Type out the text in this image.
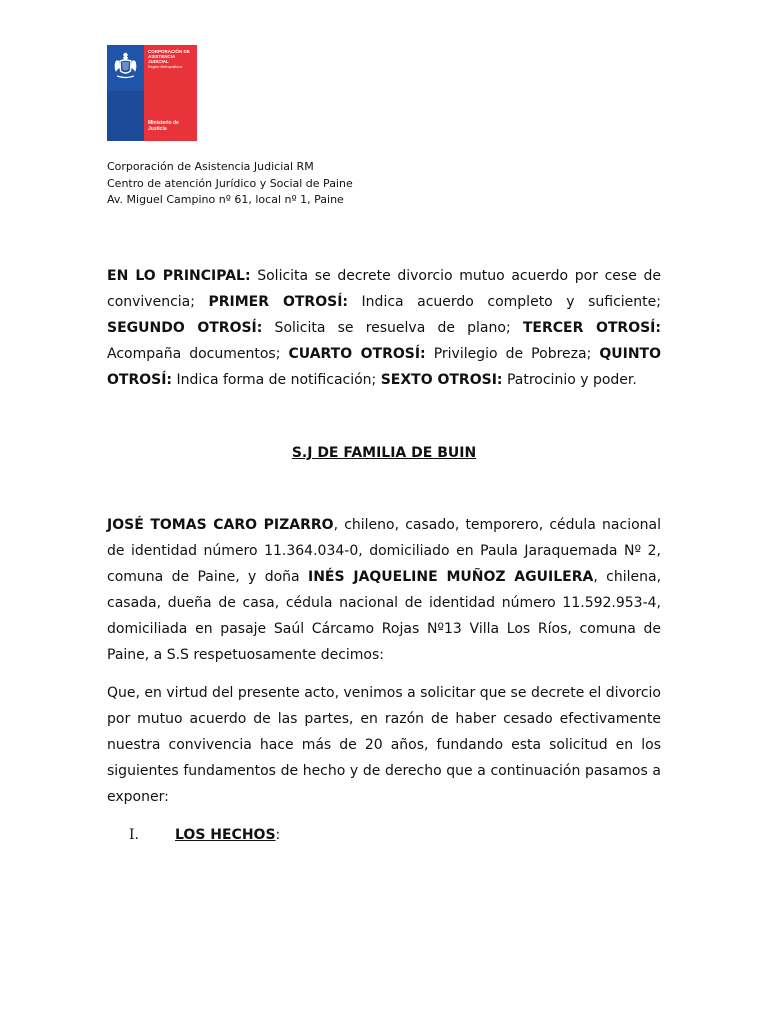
CORPORACIÓN DE
ASISTENCIA
JUDICIAL
Región Metropolitana
Ministerio de
Justicia
Corporación de Asistencia Judicial RM
Centro de atención Jurídico y Social de Paine
Av. Miguel Campino nº 61, local nº 1, Paine
EN LO PRINCIPAL: Solicita se decrete divorcio mutuo acuerdo por cese de convivencia; PRIMER OTROSÍ: Indica acuerdo completo y suficiente; SEGUNDO OTROSÍ: Solicita se resuelva de plano; TERCER OTROSÍ: Acompaña documentos; CUARTO OTROSÍ: Privilegio de Pobreza; QUINTO OTROSÍ: Indica forma de notificación; SEXTO OTROSI: Patrocinio y poder.
S.J DE FAMILIA DE BUIN
JOSÉ TOMAS CARO PIZARRO, chileno, casado, temporero, cédula nacional de identidad número 11.364.034-0, domiciliado en Paula Jaraquemada Nº 2, comuna de Paine, y doña INÉS JAQUELINE MUÑOZ AGUILERA, chilena, casada, dueña de casa, cédula nacional de identidad número 11.592.953-4, domiciliada en pasaje Saúl Cárcamo Rojas Nº13 Villa Los Ríos, comuna de Paine, a S.S respetuosamente decimos:
Que, en virtud del presente acto, venimos a solicitar que se decrete el divorcio por mutuo acuerdo de las partes, en razón de haber cesado efectivamente nuestra convivencia hace más de 20 años, fundando esta solicitud en los siguientes fundamentos de hecho y de derecho que a continuación pasamos a exponer:
I.	LOS HECHOS:
